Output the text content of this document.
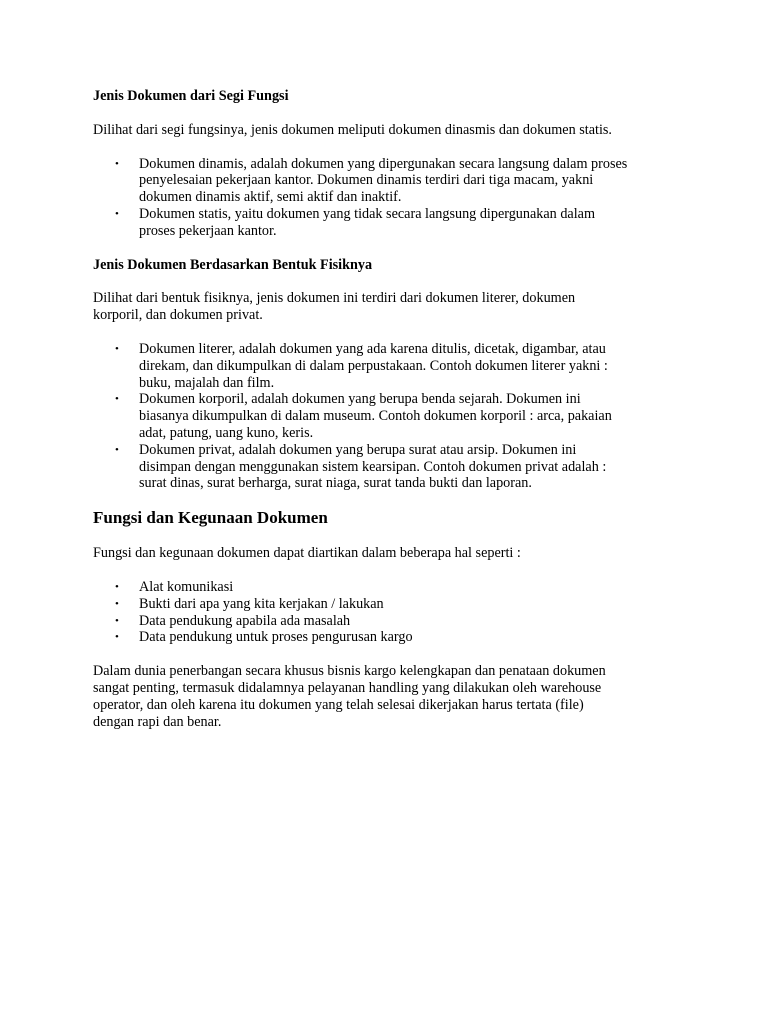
Jenis Dokumen dari Segi Fungsi

Dilihat dari segi fungsinya, jenis dokumen meliputi dokumen dinasmis dan dokumen statis.

• Dokumen dinamis, adalah dokumen yang dipergunakan secara langsung dalam proses
penyelesaian pekerjaan kantor. Dokumen dinamis terdiri dari tiga macam, yakni
dokumen dinamis aktif, semi aktif dan inaktif.
• Dokumen statis, yaitu dokumen yang tidak secara langsung dipergunakan dalam
proses pekerjaan kantor.
Jenis Dokumen Berdasarkan Bentuk Fisiknya

Dilihat dari bentuk fisiknya, jenis dokumen ini terdiri dari dokumen literer, dokumen
korporil, dan dokumen privat.

• Dokumen literer, adalah dokumen yang ada karena ditulis, dicetak, digambar, atau
direkam, dan dikumpulkan di dalam perpustakaan. Contoh dokumen literer yakni :
buku, majalah dan film.
• Dokumen korporil, adalah dokumen yang berupa benda sejarah. Dokumen ini
biasanya dikumpulkan di dalam museum. Contoh dokumen korporil : arca, pakaian
adat, patung, uang kuno, keris.
• Dokumen privat, adalah dokumen yang berupa surat atau arsip. Dokumen ini
disimpan dengan menggunakan sistem kearsipan. Contoh dokumen privat adalah :
surat dinas, surat berharga, surat niaga, surat tanda bukti dan laporan.
Fungsi dan Kegunaan Dokumen

Fungsi dan kegunaan dokumen dapat diartikan dalam beberapa hal seperti :

• Alat komunikasi
• Bukti dari apa yang kita kerjakan / lakukan
• Data pendukung apabila ada masalah
• Data pendukung untuk proses pengurusan kargo

Dalam dunia penerbangan secara khusus bisnis kargo kelengkapan dan penataan dokumen
sangat penting, termasuk didalamnya pelayanan handling yang dilakukan oleh warehouse
operator, dan oleh karena itu dokumen yang telah selesai dikerjakan harus tertata (file)
dengan rapi dan benar.
